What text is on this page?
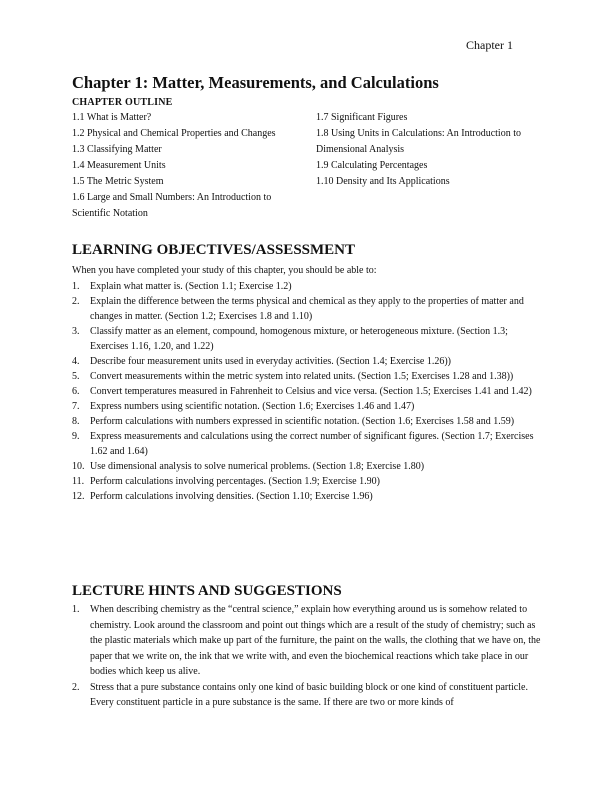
Chapter 1
Chapter 1: Matter, Measurements, and Calculations
CHAPTER OUTLINE
1.1 What is Matter?
1.2 Physical and Chemical Properties and Changes
1.3 Classifying Matter
1.4 Measurement Units
1.5 The Metric System
1.6 Large and Small Numbers: An Introduction to Scientific Notation
1.7 Significant Figures
1.8 Using Units in Calculations: An Introduction to Dimensional Analysis
1.9 Calculating Percentages
1.10 Density and Its Applications
LEARNING OBJECTIVES/ASSESSMENT
When you have completed your study of this chapter, you should be able to:
1. Explain what matter is. (Section 1.1; Exercise 1.2)
2. Explain the difference between the terms physical and chemical as they apply to the properties of matter and changes in matter. (Section 1.2; Exercises 1.8 and 1.10)
3. Classify matter as an element, compound, homogenous mixture, or heterogeneous mixture. (Section 1.3; Exercises 1.16, 1.20, and 1.22)
4. Describe four measurement units used in everyday activities. (Section 1.4; Exercise 1.26))
5. Convert measurements within the metric system into related units. (Section 1.5; Exercises 1.28 and 1.38))
6. Convert temperatures measured in Fahrenheit to Celsius and vice versa. (Section 1.5; Exercises 1.41 and 1.42)
7. Express numbers using scientific notation. (Section 1.6; Exercises 1.46 and 1.47)
8. Perform calculations with numbers expressed in scientific notation. (Section 1.6; Exercises 1.58 and 1.59)
9. Express measurements and calculations using the correct number of significant figures. (Section 1.7; Exercises 1.62 and 1.64)
10. Use dimensional analysis to solve numerical problems. (Section 1.8; Exercise 1.80)
11. Perform calculations involving percentages. (Section 1.9; Exercise 1.90)
12. Perform calculations involving densities. (Section 1.10; Exercise 1.96)
LECTURE HINTS AND SUGGESTIONS
1. When describing chemistry as the “central science,” explain how everything around us is somehow related to chemistry. Look around the classroom and point out things which are a result of the study of chemistry; such as the plastic materials which make up part of the furniture, the paint on the walls, the clothing that we have on, the paper that we write on, the ink that we write with, and even the biochemical reactions which take place in our bodies which keep us alive.
2. Stress that a pure substance contains only one kind of basic building block or one kind of constituent particle. Every constituent particle in a pure substance is the same. If there are two or more kinds of
